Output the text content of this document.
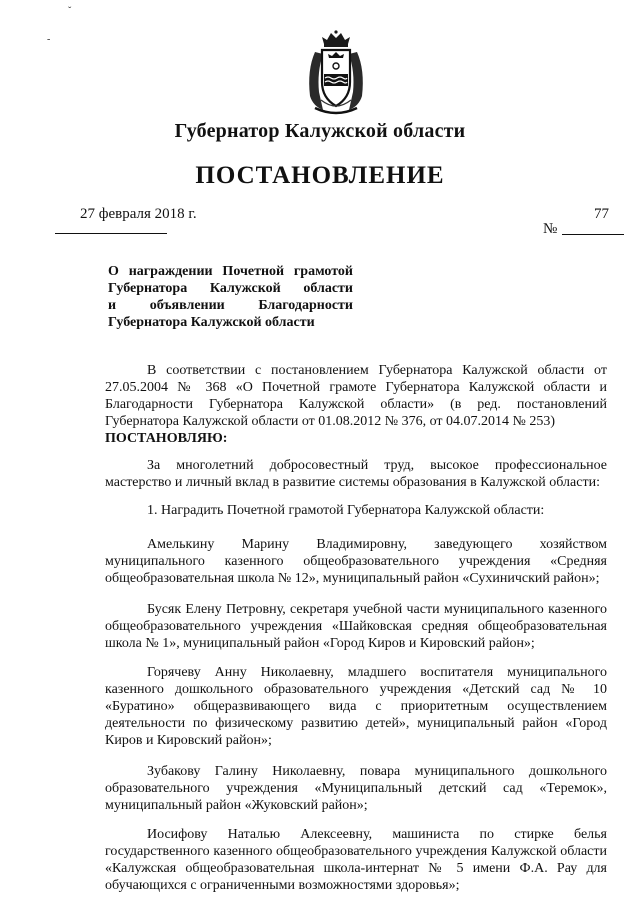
ˇ
-
Губернатор Калужской области
ПОСТАНОВЛЕНИЕ
27 февраля 2018 г.	77
№
О награждении Почетной грамотой
Губернатора Калужской области
и объявлении Благодарности
Губернатора Калужской области
В соответствии с постановлением Губернатора Калужской области от 27.05.2004 № 368 «О Почетной грамоте Губернатора Калужской области и Благодарности Губернатора Калужской области» (в ред. постановлений Губернатора Калужской области от 01.08.2012 № 376, от 04.07.2014 № 253)
ПОСТАНОВЛЯЮ:
За многолетний добросовестный труд, высокое профессиональное мастерство и личный вклад в развитие системы образования в Калужской области:
1. Наградить Почетной грамотой Губернатора Калужской области:
Амелькину Марину Владимировну, заведующего хозяйством муниципального казенного общеобразовательного учреждения «Средняя общеобразовательная школа № 12», муниципальный район «Сухиничский район»;
Бусяк Елену Петровну, секретаря учебной части муниципального казенного общеобразовательного учреждения «Шайковская средняя общеобразовательная школа № 1», муниципальный район «Город Киров и Кировский район»;
Горячеву Анну Николаевну, младшего воспитателя муниципального казенного дошкольного образовательного учреждения «Детский сад № 10 «Буратино» общеразвивающего вида с приоритетным осуществлением деятельности по физическому развитию детей», муниципальный район «Город Киров и Кировский район»;
Зубакову Галину Николаевну, повара муниципального дошкольного образовательного учреждения «Муниципальный детский сад «Теремок», муниципальный район «Жуковский район»;
Иосифову Наталью Алексеевну, машиниста по стирке белья государственного казенного общеобразовательного учреждения Калужской области «Калужская общеобразовательная школа-интернат № 5 имени Ф.А. Рау для обучающихся с ограниченными возможностями здоровья»;
